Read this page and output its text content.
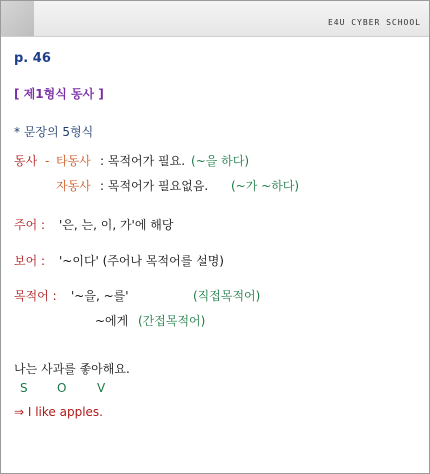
E4U CYBER SCHOOL
p. 46
[ 제1형식 동사 ]
* 문장의 5형식
동사 - 타동사 : 목적어가 필요. (~을 하다)
자동사 : 목적어가 필요없음. (~가 ~하다)
주어 : '은, 는, 이, 가'에 해당
보어 : '~이다' (주어나 목적어를 설명)
목적어 : '~을, ~를'	(직접목적어)
~에게 (간접목적어)
나는 사과를 좋아해요.
S O	V
⇒ I like apples.
